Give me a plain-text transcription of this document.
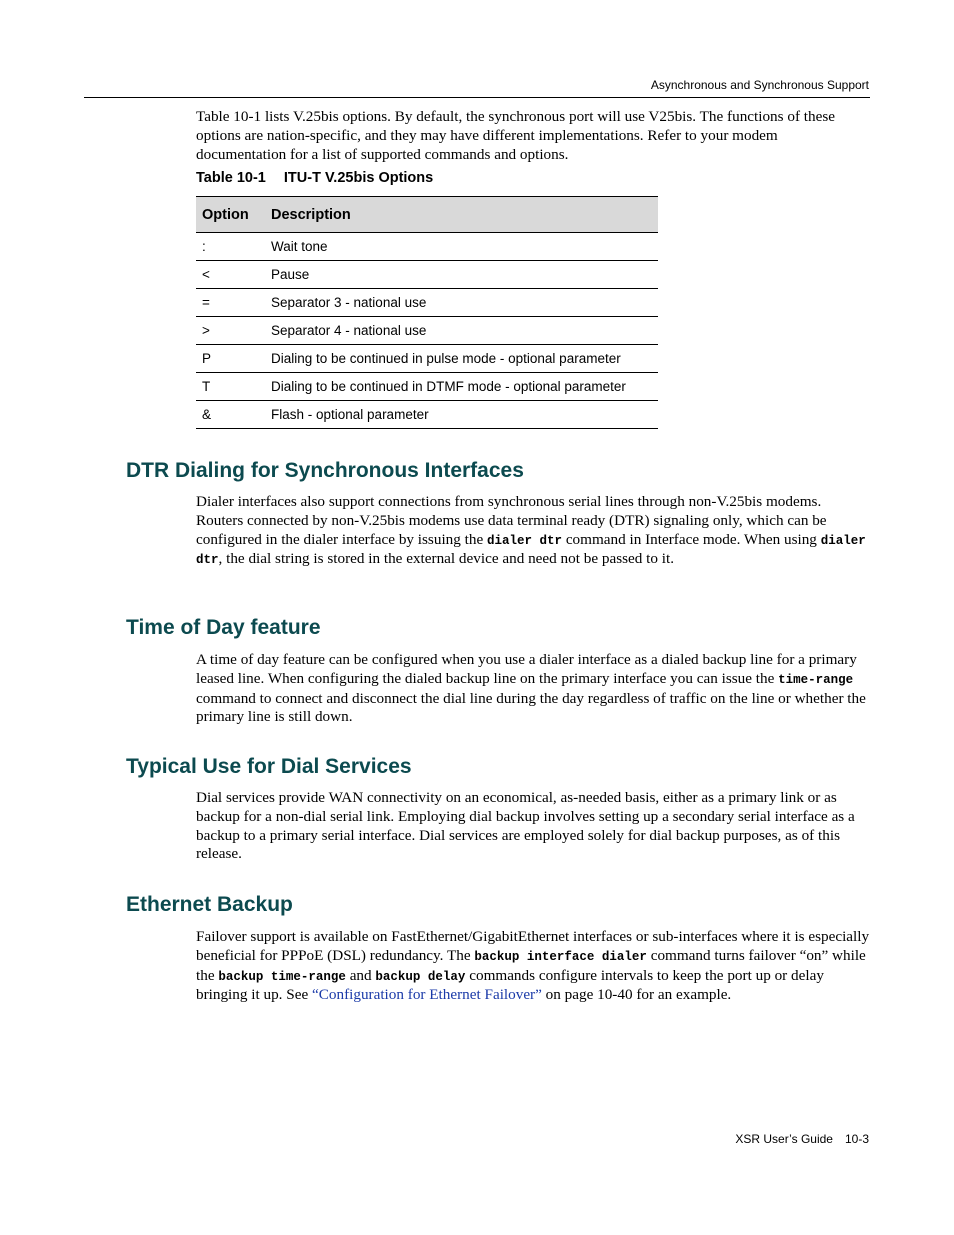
Asynchronous and Synchronous Support

Table 10-1 lists V.25bis options. By default, the synchronous port will use V25bis. The functions of these options are nation-specific, and they may have different implementations. Refer to your modem documentation for a list of supported commands and options.

Table 10-1 ITU-T V.25bis Options
Option	Description
:	Wait tone
<	Pause
=	Separator 3 - national use
>	Separator 4 - national use
P	Dialing to be continued in pulse mode - optional parameter
T	Dialing to be continued in DTMF mode - optional parameter
&	Flash - optional parameter
DTR Dialing for Synchronous Interfaces

Dialer interfaces also support connections from synchronous serial lines through non-V.25bis modems. Routers connected by non-V.25bis modems use data terminal ready (DTR) signaling only, which can be configured in the dialer interface by issuing the dialer dtr command in Interface mode. When using dialer dtr, the dial string is stored in the external device and need not be passed to it.

Time of Day feature

A time of day feature can be configured when you use a dialer interface as a dialed backup line for a primary leased line. When configuring the dialed backup line on the primary interface you can issue the time-range command to connect and disconnect the dial line during the day regardless of traffic on the line or whether the primary line is still down.

Typical Use for Dial Services

Dial services provide WAN connectivity on an economical, as-needed basis, either as a primary link or as backup for a non-dial serial link. Employing dial backup involves setting up a secondary serial interface as a backup to a primary serial interface. Dial services are employed solely for dial backup purposes, as of this release.

Ethernet Backup

Failover support is available on FastEthernet/GigabitEthernet interfaces or sub-interfaces where it is especially beneficial for PPPoE (DSL) redundancy. The backup interface dialer command turns failover “on” while the backup time-range and backup delay commands configure intervals to keep the port up or delay bringing it up. See “Configuration for Ethernet Failover” on page 10-40 for an example.

XSR User’s Guide 10-3
